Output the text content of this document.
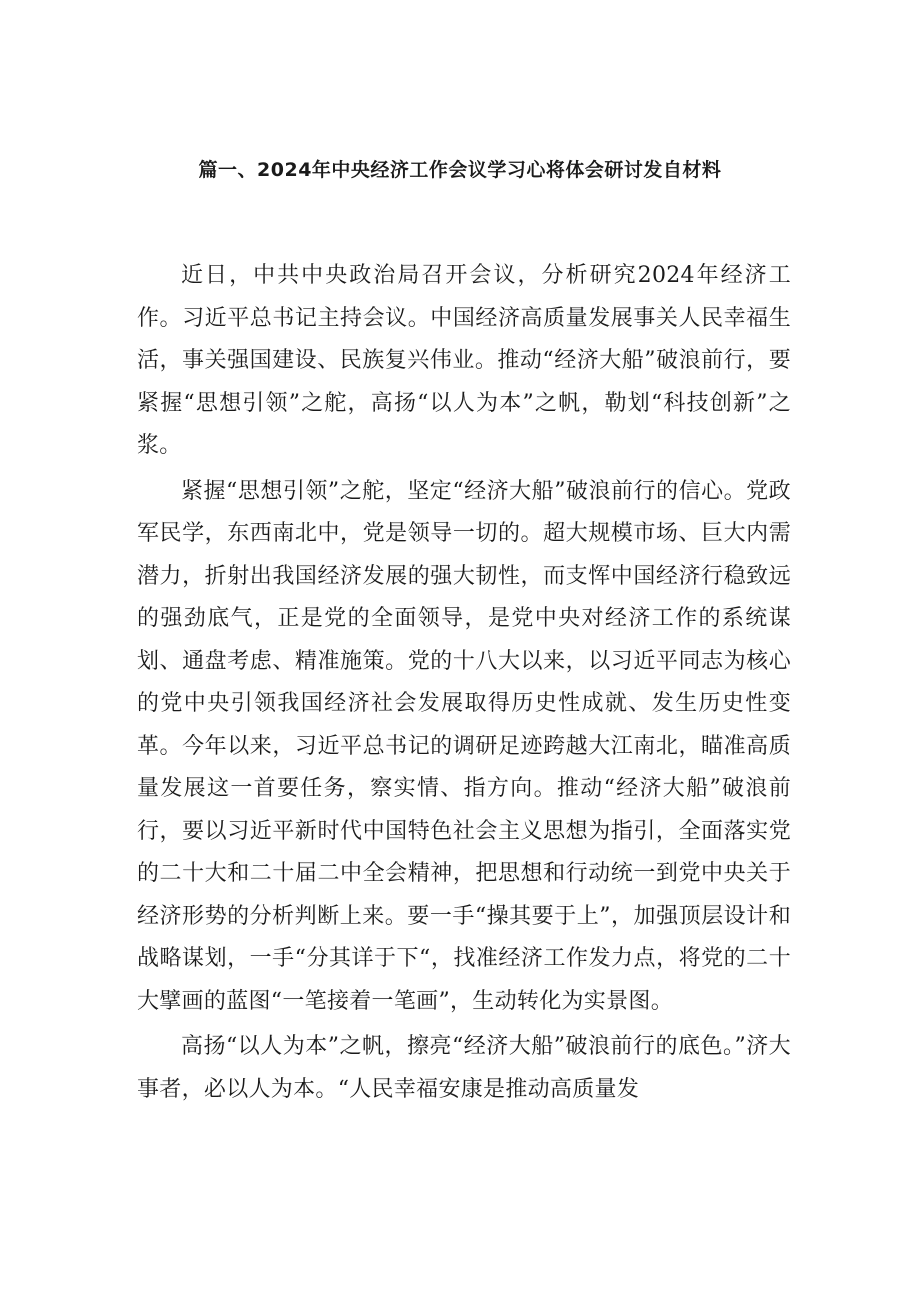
篇一、2024年中央经济工作会议学习心将体会研讨发自材料

近日，中共中央政治局召开会议，分析研究2024年经济工作。习近平总书记主持会议。中国经济高质量发展事关人民幸福生活，事关强国建设、民族复兴伟业。推动“经济大船”破浪前行，要紧握“思想引领”之舵，高扬“以人为本”之帆，勒划“科技创新”之浆。

紧握“思想引领”之舵，坚定“经济大船”破浪前行的信心。党政军民学，东西南北中，党是领导一切的。超大规模市场、巨大内需潜力，折射出我国经济发展的强大韧性，而支恽中国经济行稳致远的强劲底气，正是党的全面领导，是党中央对经济工作的系统谋划、通盘考虑、精准施策。党的十八大以来，以习近平同志为核心的党中央引领我国经济社会发展取得历史性成就、发生历史性变革。今年以来，习近平总书记的调研足迹跨越大江南北，瞄准高质量发展这一首要任务，察实情、指方向。推动“经济大船”破浪前行，要以习近平新时代中国特色社会主义思想为指引，全面落实党的二十大和二十届二中全会精神，把思想和行动统一到党中央关于经济形势的分析判断上来。要一手“操其要于上”，加强顶层设计和战略谋划，一手“分其详于下“，找准经济工作发力点，将党的二十大擘画的蓝图“一笔接着一笔画”，生动转化为实景图。

高扬“以人为本”之帆，擦亮“经济大船”破浪前行的底色。”济大事者，必以人为本。“人民幸福安康是推动高质量发
